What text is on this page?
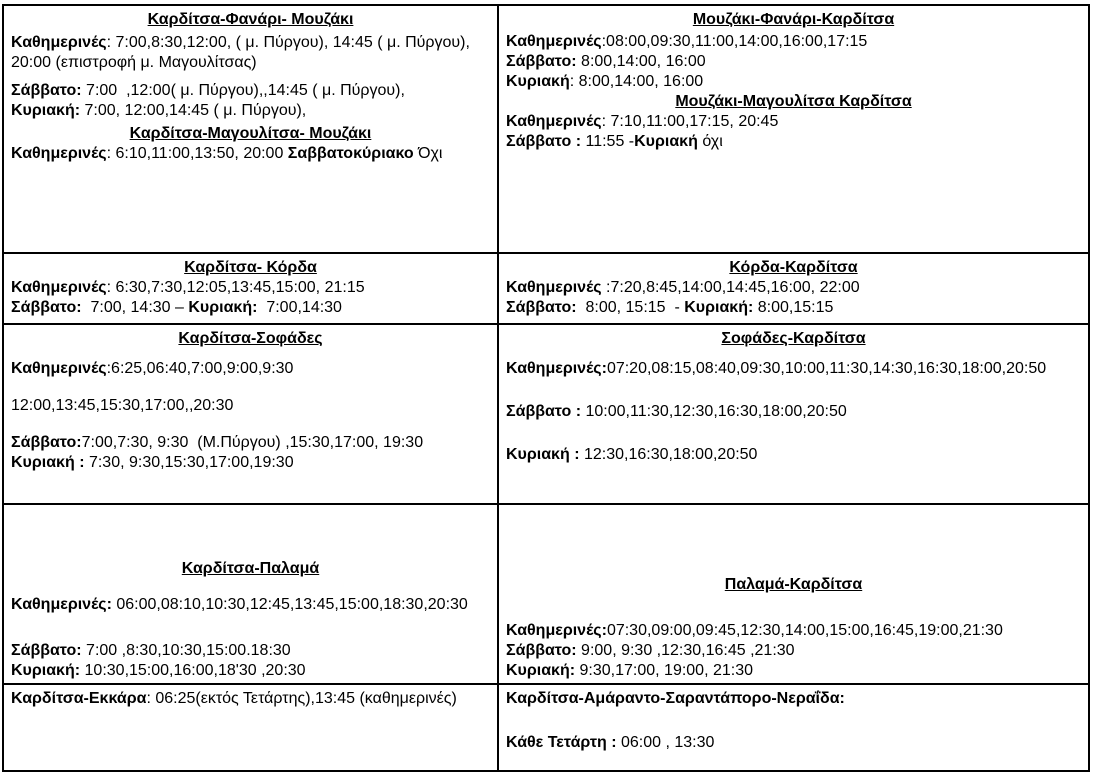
Καρδίτσα-Φανάρι- Μουζάκι
Καθημερινές: 7:00,8:30,12:00, ( μ. Πύργου), 14:45 ( μ. Πύργου),
20:00 (επιστροφή μ. Μαγουλίτσας)
Σάββατο: 7:00  ,12:00( μ. Πύργου),,14:45 ( μ. Πύργου),
Κυριακή: 7:00, 12:00,14:45 ( μ. Πύργου),
Καρδίτσα-Μαγουλίτσα- Μουζάκι
Καθημερινές: 6:10,11:00,13:50, 20:00 Σαββατοκύριακο Όχι
Μουζάκι-Φανάρι-Καρδίτσα
Καθημερινές:08:00,09:30,11:00,14:00,16:00,17:15
Σάββατο: 8:00,14:00, 16:00
Κυριακή: 8:00,14:00, 16:00
Μουζάκι-Μαγουλίτσα Καρδίτσα
Καθημερινές: 7:10,11:00,17:15, 20:45
Σάββατο : 11:55 -Κυριακή όχι
Καρδίτσα- Κόρδα
Καθημερινές: 6:30,7:30,12:05,13:45,15:00, 21:15
Σάββατο:  7:00, 14:30 – Κυριακή:  7:00,14:30
Κόρδα-Καρδίτσα
Καθημερινές :7:20,8:45,14:00,14:45,16:00, 22:00
Σάββατο:  8:00, 15:15  - Κυριακή: 8:00,15:15
Καρδίτσα-Σοφάδες
Καθημερινές:6:25,06:40,7:00,9:00,9:30
12:00,13:45,15:30,17:00,,20:30
Σάββατο:7:00,7:30, 9:30  (Μ.Πύργου) ,15:30,17:00, 19:30
Κυριακή : 7:30, 9:30,15:30,17:00,19:30
Σοφάδες-Καρδίτσα
Καθημερινές:07:20,08:15,08:40,09:30,10:00,11:30,14:30,16:30,18:00,20:50
Σάββατο : 10:00,11:30,12:30,16:30,18:00,20:50
Κυριακή : 12:30,16:30,18:00,20:50
Καρδίτσα-Παλαμά
Καθημερινές: 06:00,08:10,10:30,12:45,13:45,15:00,18:30,20:30
Σάββατο: 7:00 ,8:30,10:30,15:00.18:30
Κυριακή: 10:30,15:00,16:00,18'30 ,20:30
Παλαμά-Καρδίτσα
Καθημερινές:07:30,09:00,09:45,12:30,14:00,15:00,16:45,19:00,21:30
Σάββατο: 9:00, 9:30 ,12:30,16:45 ,21:30
Κυριακή: 9:30,17:00, 19:00, 21:30
Καρδίτσα-Εκκάρα: 06:25(εκτός Τετάρτης),13:45 (καθημερινές)	Καρδίτσα-Αμάραντο-Σαραντάπορο-Νεραΐδα:
Κάθε Τετάρτη : 06:00 , 13:30
